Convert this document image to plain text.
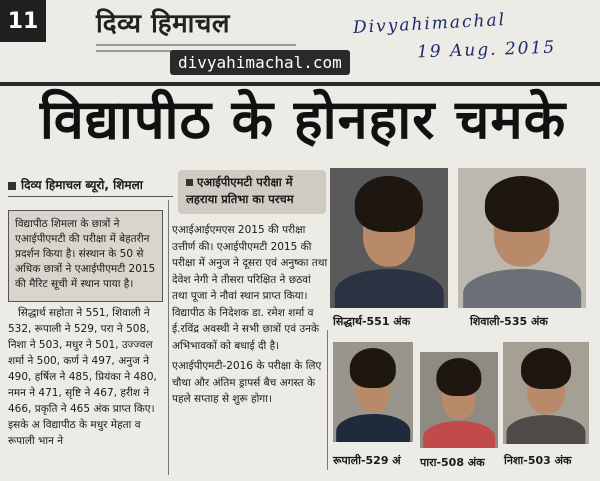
11 दिव्य हिमाचल
divyahimachal.com
Divyahimachal
19 Aug. 2015
विद्यापीठ के होनहार चमके
दिव्य हिमाचल ब्यूरो, शिमला	एआईपीएमटी परीक्षा में लहराया प्रतिभा का परचम
विद्यापीठ शिमला के छात्रों ने एआईपीएमटी की परीक्षा में बेहतरीन प्रदर्शन किया है। संस्थान के 50 से अधिक छात्रों ने एआईपीएमटी 2015 की मैरिट सूची में स्थान पाया है।

सिद्धार्थ सहोता ने 551, शिवाली ने 532, रूपाली ने 529, परा ने 508, निशा ने 503, मधुर ने 501, उज्ज्वल शर्मा ने 500, कर्ण ने 497, अनुज ने 490, हर्षिल ने 485, प्रियंका ने 480, नमन ने 471, सृष्टि ने 467, हरीश ने 466, प्रकृति ने 465 अंक प्राप्त किए। इसके अ विद्यापीठ के मधुर मेहता व रूपाली भान ने

एआईआईएमएस 2015 की परीक्षा उत्तीर्ण की। एआईपीएमटी 2015 की परीक्षा में अनुज ने दूसरा एवं अनुष्का तथा देवेश नेगी ने तीसरा परिक्षित ने छठवां तथा पूजा ने नौवां स्थान प्राप्त किया। विद्यापीठ के निदेशक डा. रमेश शर्मा व ई.रविंद्र अवस्थी ने सभी छात्रों एवं उनके अभिभावकों को बधाई दी है।

एआईपीएमटी-2016 के परीक्षा के लिए चौथा और अंतिम ड्रापर्स बैच अगस्त के पहले सप्ताह से शुरू होगा।

सिद्धार्थ-551 अंक	शिवाली-535 अंक
रूपाली-529 अं पारा-508 अंक निशा-503 अंक
